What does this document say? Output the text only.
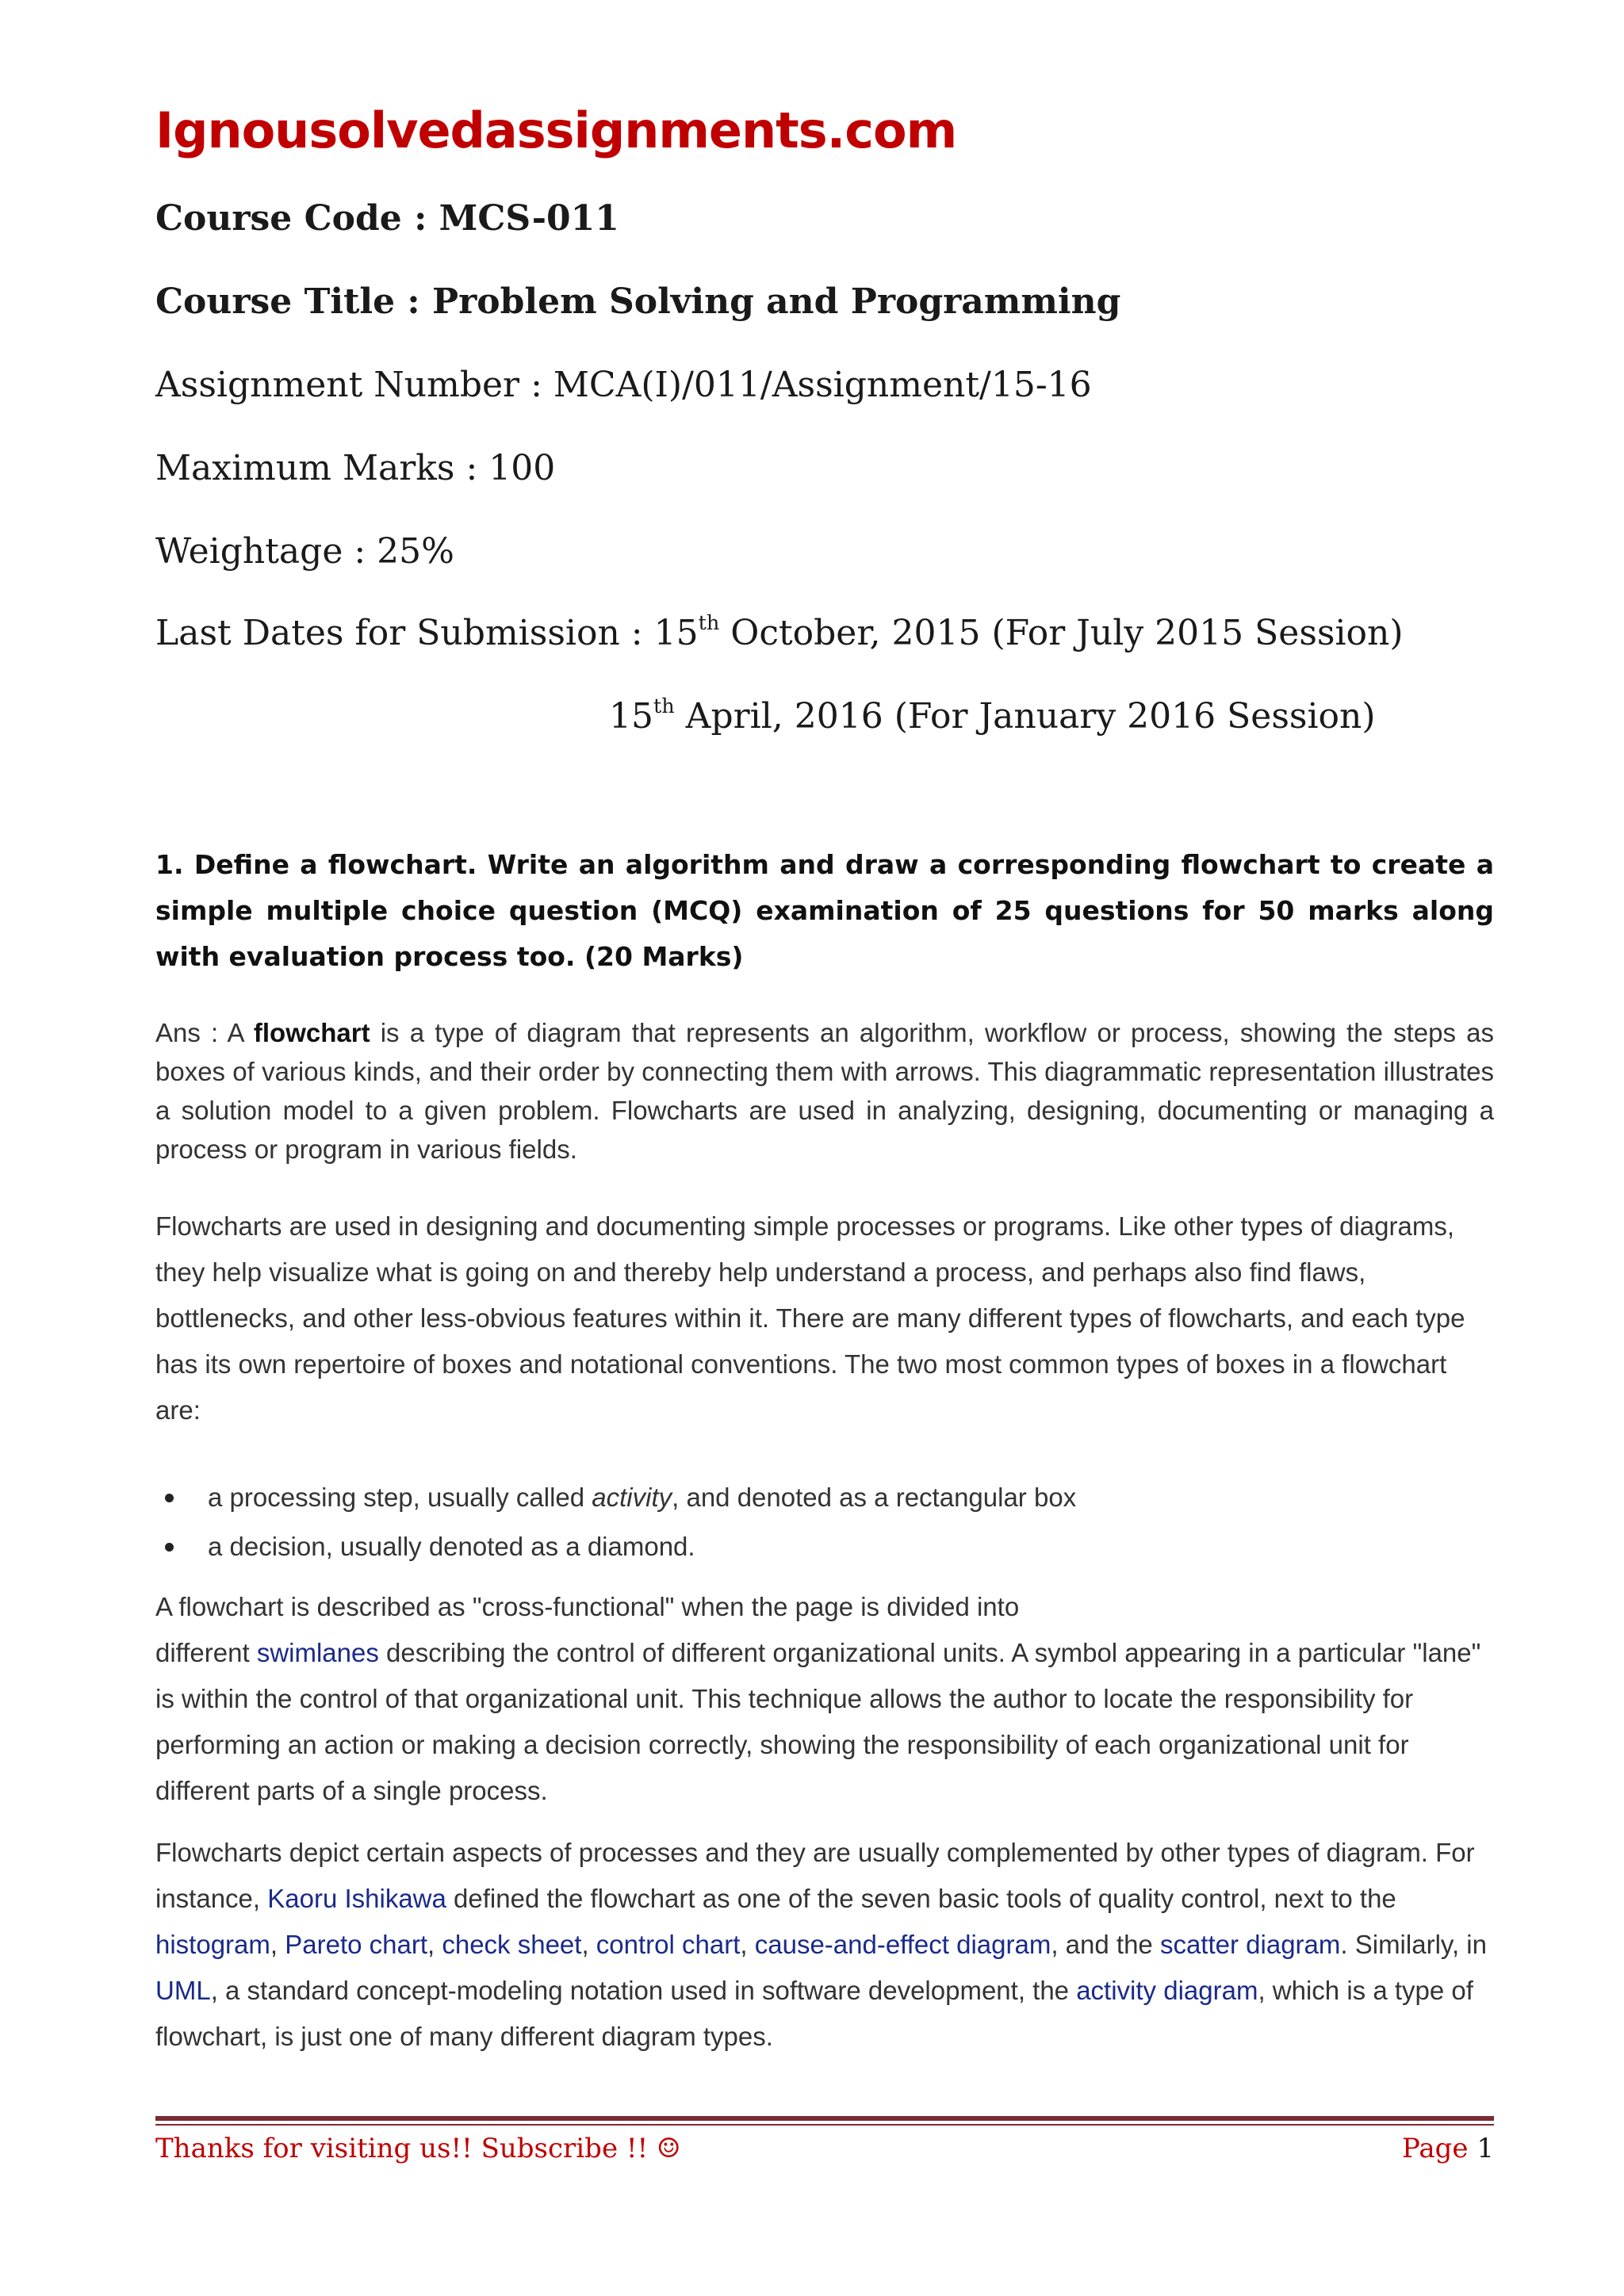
Ignousolvedassignments.com
Course Code : MCS-011
Course Title : Problem Solving and Programming
Assignment Number : MCA(I)/011/Assignment/15-16
Maximum Marks : 100
Weightage : 25%
Last Dates for Submission : 15th October, 2015 (For July 2015 Session)
15th April, 2016 (For January 2016 Session)
1. Define a flowchart. Write an algorithm and draw a corresponding flowchart to create a simple multiple choice question (MCQ) examination of 25 questions for 50 marks along with evaluation process too. (20 Marks)
Ans : A flowchart is a type of diagram that represents an algorithm, workflow or process, showing the steps as boxes of various kinds, and their order by connecting them with arrows. This diagrammatic representation illustrates a solution model to a given problem. Flowcharts are used in analyzing, designing, documenting or managing a process or program in various fields.
Flowcharts are used in designing and documenting simple processes or programs. Like other types of diagrams, they help visualize what is going on and thereby help understand a process, and perhaps also find flaws, bottlenecks, and other less-obvious features within it. There are many different types of flowcharts, and each type has its own repertoire of boxes and notational conventions. The two most common types of boxes in a flowchart are:
a processing step, usually called activity, and denoted as a rectangular box
a decision, usually denoted as a diamond.
A flowchart is described as "cross-functional" when the page is divided into
different swimlanes describing the control of different organizational units. A symbol appearing in a particular "lane" is within the control of that organizational unit. This technique allows the author to locate the responsibility for performing an action or making a decision correctly, showing the responsibility of each organizational unit for different parts of a single process.
Flowcharts depict certain aspects of processes and they are usually complemented by other types of diagram. For instance, Kaoru Ishikawa defined the flowchart as one of the seven basic tools of quality control, next to the histogram, Pareto chart, check sheet, control chart, cause-and-effect diagram, and the scatter diagram. Similarly, in UML, a standard concept-modeling notation used in software development, the activity diagram, which is a type of flowchart, is just one of many different diagram types.
Thanks for visiting us!! Subscribe !! ☺	Page 1
